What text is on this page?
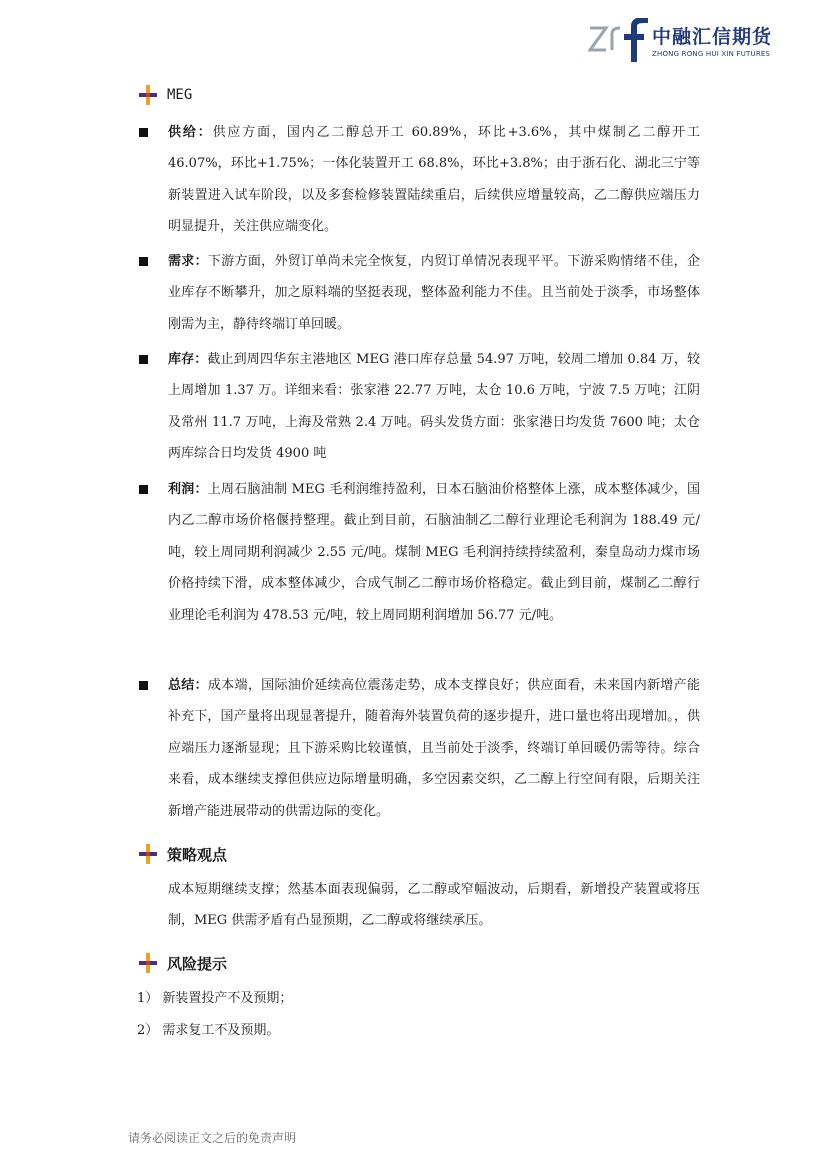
中融汇信期货
ZHONG RONG HUI XIN FUTURES
MEG
供给：供应方面，国内乙二醇总开工 60.89%，环比+3.6%，其中煤制乙二醇开工 46.07%，环比+1.75%；一体化装置开工 68.8%，环比+3.8%；由于浙石化、湖北三宁等新装置进入试车阶段，以及多套检修装置陆续重启，后续供应增量较高，乙二醇供应端压力明显提升，关注供应端变化。
需求：下游方面，外贸订单尚未完全恢复，内贸订单情况表现平平。下游采购情绪不佳，企业库存不断攀升，加之原料端的坚挺表现，整体盈利能力不佳。且当前处于淡季，市场整体刚需为主，静待终端订单回暖。
库存：截止到周四华东主港地区 MEG 港口库存总量 54.97 万吨，较周二增加 0.84 万，较上周增加 1.37 万。详细来看：张家港 22.77 万吨，太仓 10.6 万吨，宁波 7.5 万吨；江阴及常州 11.7 万吨，上海及常熟 2.4 万吨。码头发货方面：张家港日均发货 7600 吨；太仓两库综合日均发货 4900 吨
利润：上周石脑油制 MEG 毛利润维持盈利，日本石脑油价格整体上涨，成本整体减少，国内乙二醇市场价格偃持整理。截止到目前，石脑油制乙二醇行业理论毛利润为 188.49 元/吨，较上周同期利润减少 2.55 元/吨。煤制 MEG 毛利润持续持续盈利，秦皇岛动力煤市场价格持续下滑，成本整体减少，合成气制乙二醇市场价格稳定。截止到目前，煤制乙二醇行业理论毛利润为 478.53 元/吨，较上周同期利润增加 56.77 元/吨。
总结：成本端，国际油价延续高位震荡走势，成本支撑良好；供应面看，未来国内新增产能补充下，国产量将出现显著提升，随着海外装置负荷的逐步提升，进口量也将出现增加。，供应端压力逐渐显现；且下游采购比较谨慎，且当前处于淡季，终端订单回暖仍需等待。综合来看，成本继续支撑但供应边际增量明确，多空因素交织，乙二醇上行空间有限，后期关注新增产能进展带动的供需边际的变化。
策略观点
成本短期继续支撑；然基本面表现偏弱，乙二醇或窄幅波动，后期看，新增投产装置或将压制，MEG 供需矛盾有凸显预期，乙二醇或将继续承压。
风险提示
1） 新装置投产不及预期；
2） 需求复工不及预期。
请务必阅读正文之后的免责声明
